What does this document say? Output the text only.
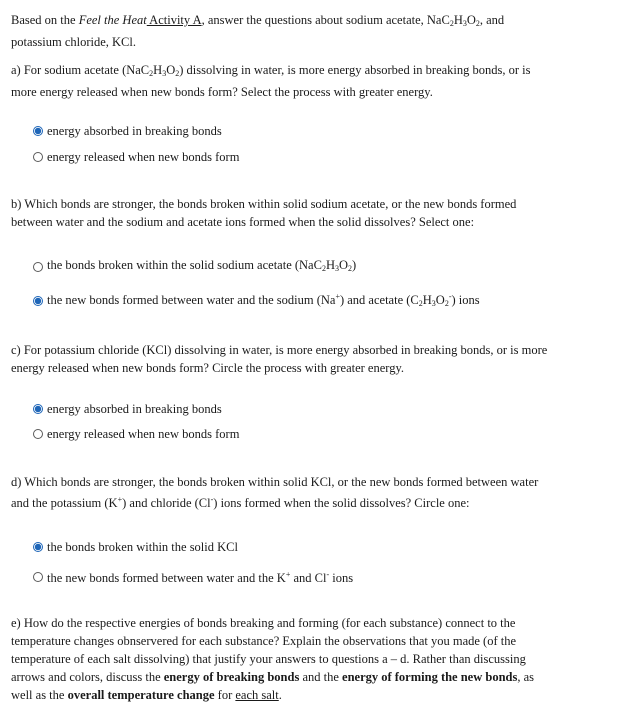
Based on the Feel the Heat Activity A, answer the questions about sodium acetate, $NaC_2H_3O_2$, and
potassium chloride, KCl.
a) For sodium acetate $(NaC_2H_3O_2)$ dissolving in water, is more energy absorbed in breaking bonds, or is
more energy released when new bonds form? Select the process with greater energy.
energy absorbed in breaking bonds
energy released when new bonds form
b) Which bonds are stronger, the bonds broken within solid sodium acetate, or the new bonds formed
between water and the sodium and acetate ions formed when the solid dissolves? Select one:
the bonds broken within the solid sodium acetate $(NaC_2H_3O_2)$
the new bonds formed between water and the sodium (Na+) and acetate $(C_2H_3O_2^-)$ ions
c) For potassium chloride (KCl) dissolving in water, is more energy absorbed in breaking bonds, or is more
energy released when new bonds form? Circle the process with greater energy.
energy absorbed in breaking bonds
energy released when new bonds form
d) Which bonds are stronger, the bonds broken within solid KCl, or the new bonds formed between water
and the potassium (K+) and chloride (Cl-) ions formed when the solid dissolves? Circle one:
the bonds broken within the solid KCl
the new bonds formed between water and the K+ and Cl- ions
e) How do the respective energies of bonds breaking and forming (for each substance) connect to the
temperature changes obnservered for each substance? Explain the observations that you made (of the
temperature of each salt dissolving) that justify your answers to questions a – d. Rather than discussing
arrows and colors, discuss the energy of breaking bonds and the energy of forming the new bonds, as
well as the overall temperature change for each salt.
